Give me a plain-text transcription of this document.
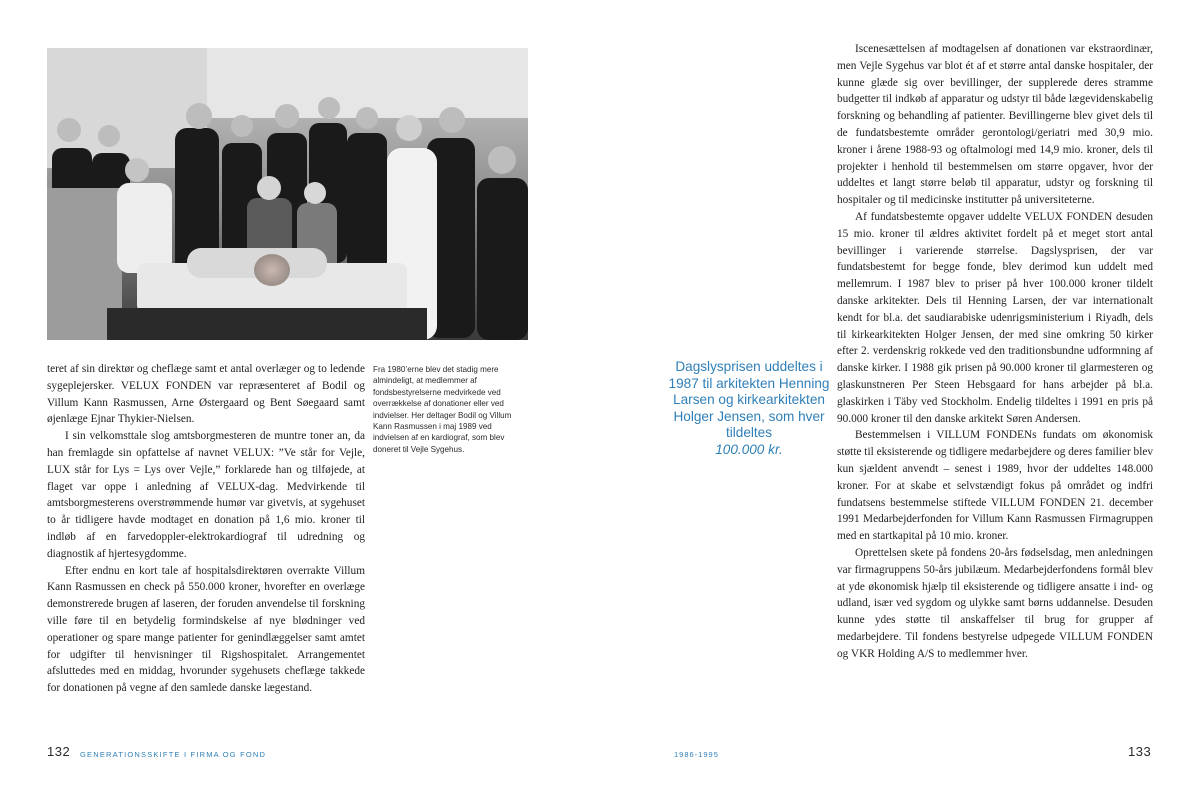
teret af sin direktør og cheflæge samt et antal overlæger og to ledende sygeplejersker. VELUX FONDEN var repræsenteret af Bodil og Villum Kann Rasmussen, Arne Østergaard og Bent Søegaard samt øjenlæge Ejnar Thykier-Nielsen.

I sin velkomsttale slog amtsborgmesteren de muntre toner an, da han fremlagde sin opfattelse af navnet VELUX: ”Ve står for Vejle, LUX står for Lys = Lys over Vejle,” forklarede han og tilføjede, at flaget var oppe i anledning af VELUX-dag. Medvirkende til amtsborgmesterens overstrømmende humør var givetvis, at sygehuset to år tidligere havde modtaget en donation på 1,6 mio. kroner til indløb af en farvedoppler-elektrokardiograf til udredning og diagnostik af hjertesygdomme.

Efter endnu en kort tale af hospitalsdirektøren overrakte Villum Kann Rasmussen en check på 550.000 kroner, hvorefter en overlæge demonstrerede brugen af laseren, der foruden anvendelse til forskning ville føre til en betydelig formindskelse af nye blødninger ved operationer og spare mange patienter for genindlæggelser samt amtet for udgifter til henvisninger til Rigshospitalet. Arrangementet afsluttedes med en middag, hvorunder sygehusets cheflæge takkede for donationen på vegne af den samlede danske lægestand.

Fra 1980’erne blev det stadig mere almindeligt, at medlemmer af fondsbestyrelserne medvirkede ved overrækkelse af donationer eller ved indvielser. Her deltager Bodil og Villum Kann Rasmussen i maj 1989 ved indvielsen af en kardiograf, som blev doneret til Vejle Sygehus.
Dagslysprisen uddeltes i 1987 til arkitekten Henning Larsen og kirkearkitekten Holger Jensen, som hver tildeltes
100.000 kr.

Iscenesættelsen af modtagelsen af donationen var ekstraordinær, men Vejle Sygehus var blot ét af et større antal danske hospitaler, der kunne glæde sig over bevillinger, der supplerede deres stramme budgetter til indkøb af apparatur og udstyr til både lægevidenskabelig forskning og behandling af patienter. Bevillingerne blev givet dels til de fundatsbestemte områder gerontologi/geriatri med 30,9 mio. kroner i årene 1988-93 og oftalmologi med 14,9 mio. kroner, dels til projekter i henhold til bestemmelsen om større opgaver, hvor der uddeltes et langt større beløb til apparatur, udstyr og forskning til hospitaler og til medicinske institutter på universiteterne.

Af fundatsbestemte opgaver uddelte VELUX FONDEN desuden 15 mio. kroner til ældres aktivitet fordelt på et meget stort antal bevillinger i varierende størrelse. Dagslysprisen, der var fundatsbestemt for begge fonde, blev derimod kun uddelt med mellemrum. I 1987 blev to priser på hver 100.000 kroner tildelt danske arkitekter. Dels til Henning Larsen, der var internationalt kendt for bl.a. det saudiarabiske udenrigsministerium i Riyadh, dels til kirkearkitekten Holger Jensen, der med sine omkring 50 kirker efter 2. verdenskrig rokkede ved den traditionsbundne udformning af danske kirker. I 1988 gik prisen på 90.000 kroner til glarmesteren og glaskunstneren Per Steen Hebsgaard for hans arbejder på bl.a. glaskirken i Täby ved Stockholm. Endelig tildeltes i 1991 en pris på 90.000 kroner til den danske arkitekt Søren Andersen.

Bestemmelsen i VILLUM FONDENs fundats om økonomisk støtte til eksisterende og tidligere medarbejdere og deres familier blev kun sjældent anvendt – senest i 1989, hvor der uddeltes 148.000 kroner. For at skabe et selvstændigt fokus på området og indfri fundatsens bestemmelse stiftede VILLUM FONDEN 21. december 1991 Medarbejderfonden for Villum Kann Rasmussen Firmagruppen med en startkapital på 10 mio. kroner.

Oprettelsen skete på fondens 20-års fødselsdag, men anledningen var firmagruppens 50-års jubilæum. Medarbejderfondens formål blev at yde økonomisk hjælp til eksisterende og tidligere ansatte i ind- og udland, især ved sygdom og ulykke samt børns uddannelse. Desuden kunne ydes støtte til anskaffelser til brug for grupper af medarbejdere. Til fondens bestyrelse udpegede VILLUM FONDEN og VKR Holding A/S to medlemmer hver.

132 GENERATIONSSKIFTE I FIRMA OG FOND	1986-1995	133
